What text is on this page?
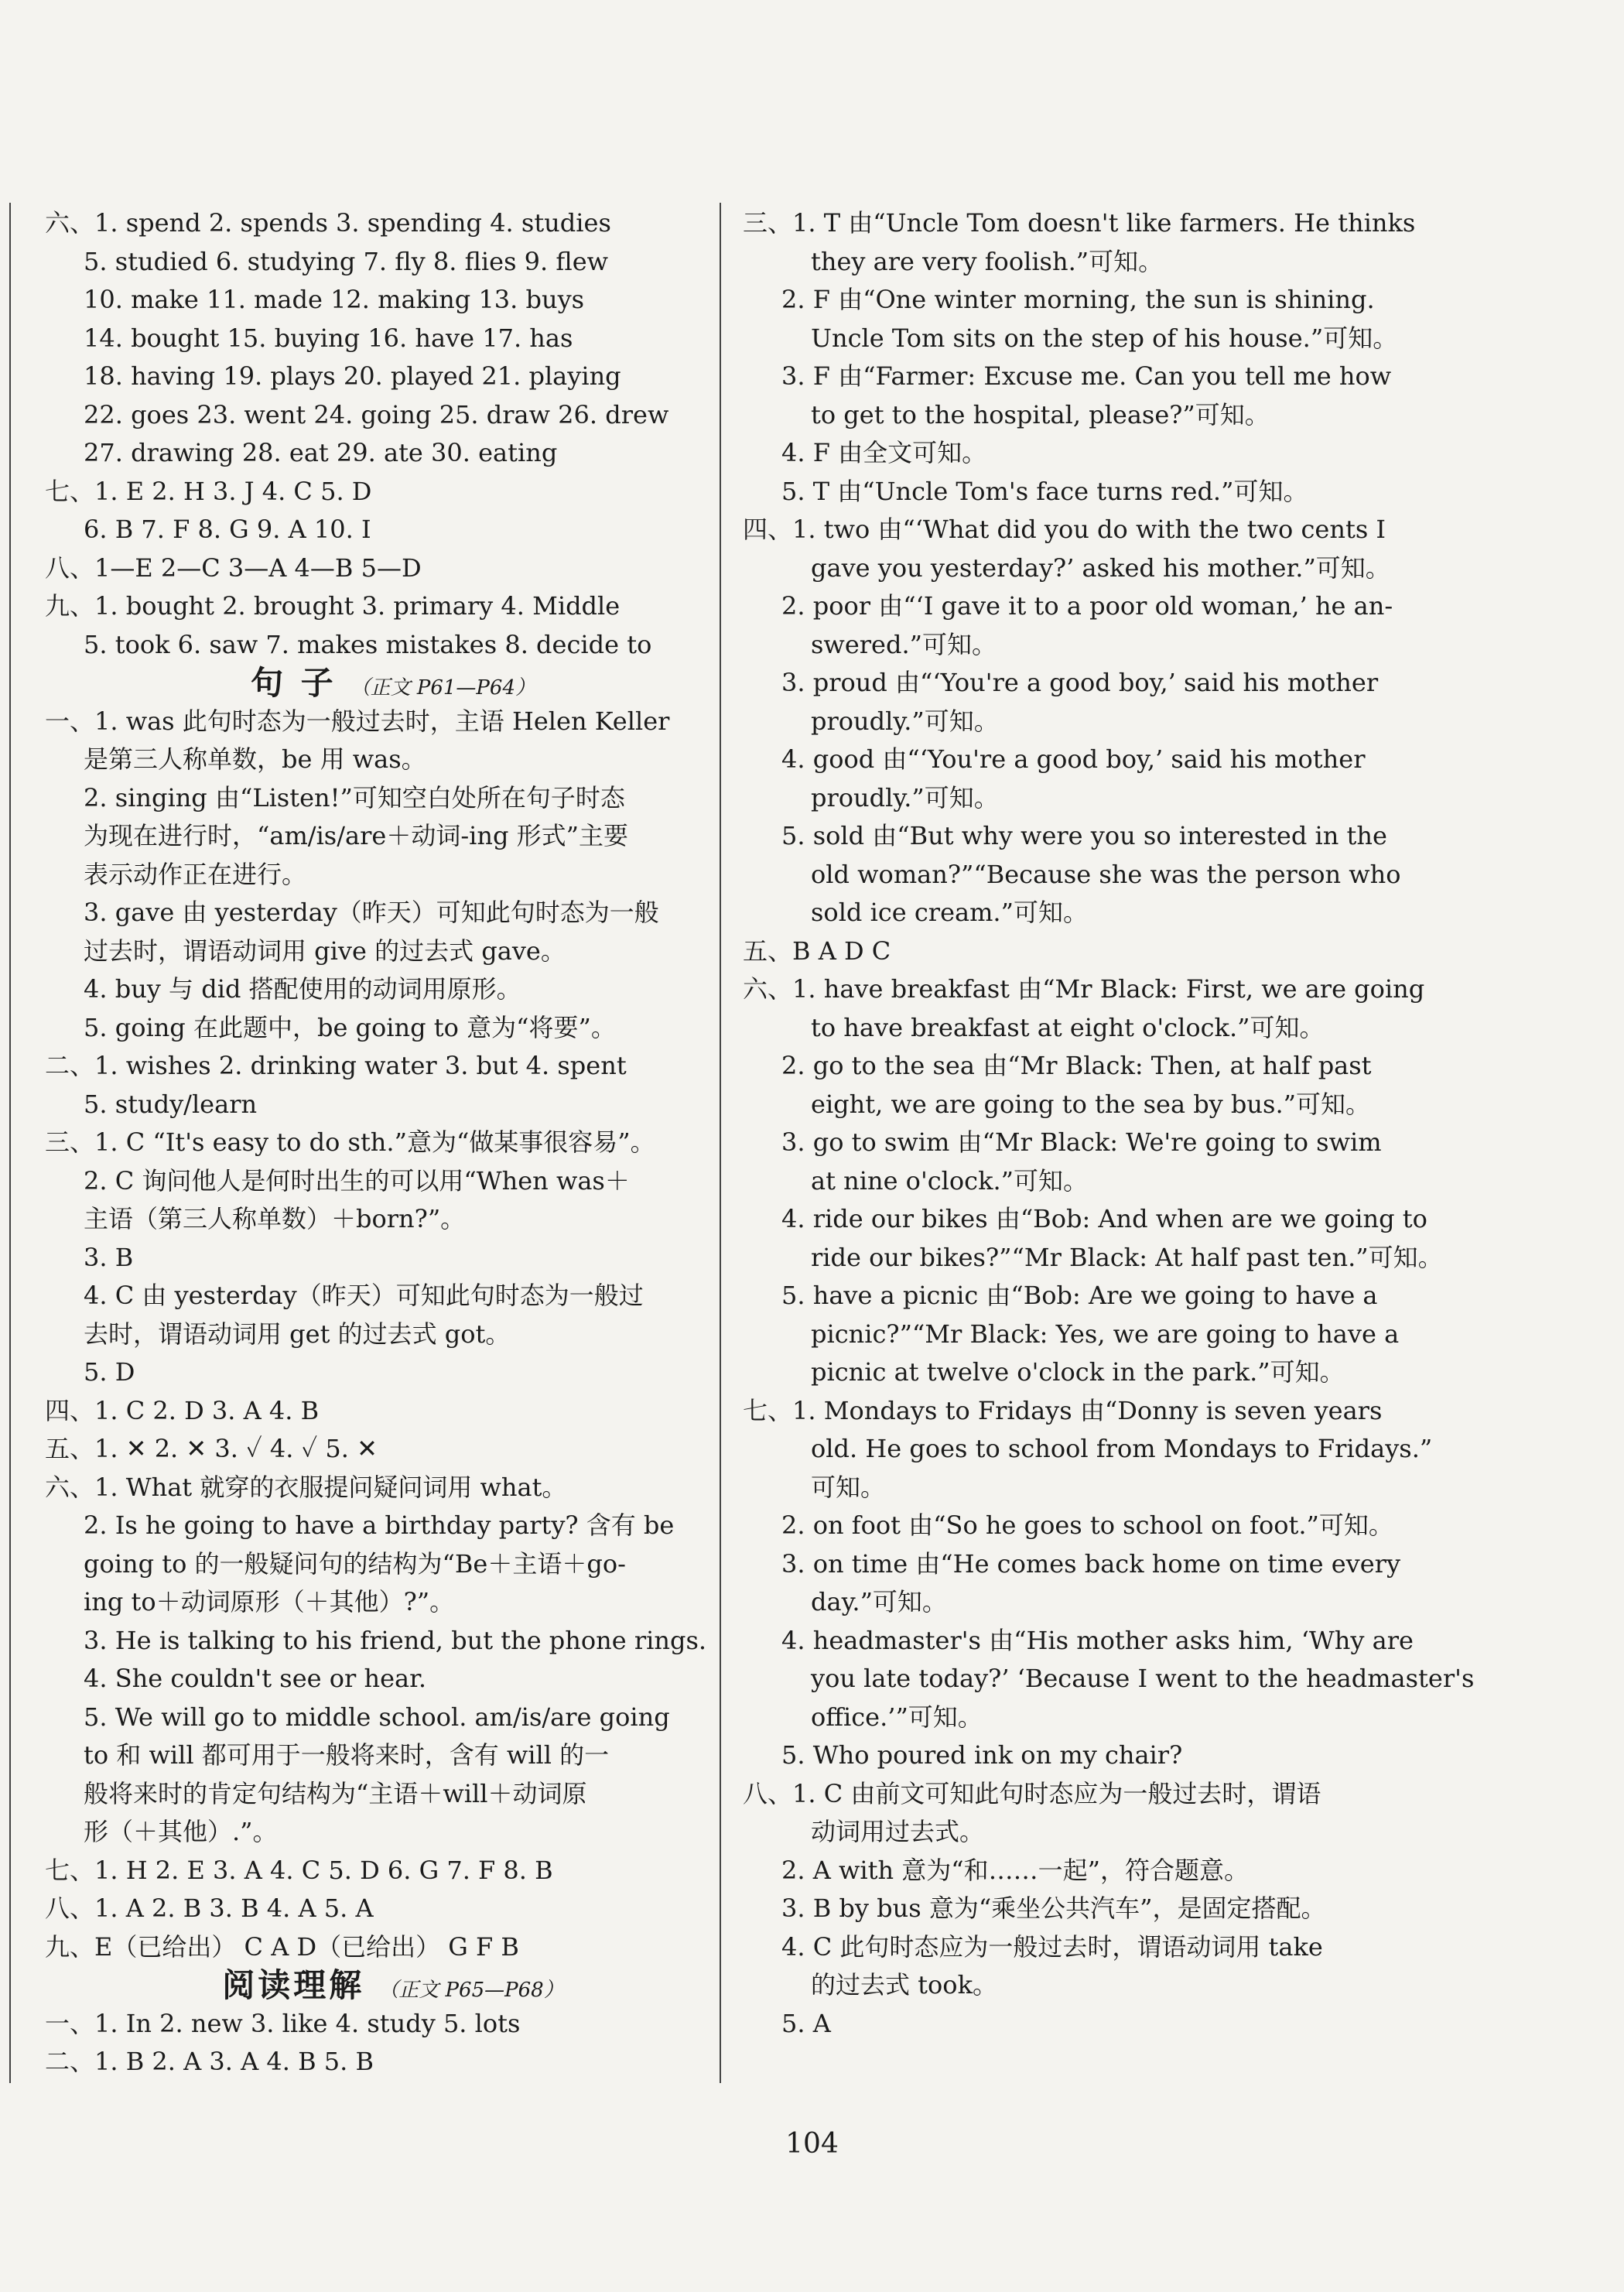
六、1. spend 2. spends 3. spending 4. studies
5. studied 6. studying 7. fly 8. flies 9. flew
10. make 11. made 12. making 13. buys
14. bought 15. buying 16. have 17. has
18. having 19. plays 20. played 21. playing
22. goes 23. went 24. going 25. draw 26. drew
27. drawing 28. eat 29. ate 30. eating
七、1. E 2. H 3. J 4. C 5. D
6. B 7. F 8. G 9. A 10. I
八、1—E 2—C 3—A 4—B 5—D
九、1. bought 2. brought 3. primary 4. Middle
5. took 6. saw 7. makes mistakes 8. decide to
句 子 （正文 P61—P64）
一、1. was 此句时态为一般过去时，主语 Helen Keller
是第三人称单数，be 用 was。
2. singing 由“Listen!”可知空白处所在句子时态
为现在进行时，“am/is/are＋动词-ing 形式”主要
表示动作正在进行。
3. gave 由 yesterday（昨天）可知此句时态为一般
过去时，谓语动词用 give 的过去式 gave。
4. buy 与 did 搭配使用的动词用原形。
5. going 在此题中，be going to 意为“将要”。
二、1. wishes 2. drinking water 3. but 4. spent
5. study/learn
三、1. C “It's easy to do sth.”意为“做某事很容易”。
2. C 询问他人是何时出生的可以用“When was＋
主语（第三人称单数）＋born?”。
3. B
4. C 由 yesterday（昨天）可知此句时态为一般过
去时，谓语动词用 get 的过去式 got。
5. D
四、1. C 2. D 3. A 4. B
五、1. ✕ 2. ✕ 3. ✓ 4. ✓ 5. ✕
六、1. What 就穿的衣服提问疑问词用 what。
2. Is he going to have a birthday party? 含有 be
going to 的一般疑问句的结构为“Be＋主语＋go-
ing to＋动词原形（＋其他）?”。
3. He is talking to his friend, but the phone rings.
4. She couldn't see or hear.
5. We will go to middle school. am/is/are going
to 和 will 都可用于一般将来时，含有 will 的一
般将来时的肯定句结构为“主语＋will＋动词原
形（＋其他）.”。
七、1. H 2. E 3. A 4. C 5. D 6. G 7. F 8. B
八、1. A 2. B 3. B 4. A 5. A
九、E（已给出） C A D（已给出） G F B
阅读理解 （正文 P65—P68）
一、1. In 2. new 3. like 4. study 5. lots
二、1. B 2. A 3. A 4. B 5. B
三、1. T 由“Uncle Tom doesn't like farmers. He thinks
they are very foolish.”可知。
2. F 由“One winter morning, the sun is shining.
Uncle Tom sits on the step of his house.”可知。
3. F 由“Farmer: Excuse me. Can you tell me how
to get to the hospital, please?”可知。
4. F 由全文可知。
5. T 由“Uncle Tom's face turns red.”可知。
四、1. two 由“‘What did you do with the two cents I
gave you yesterday?’ asked his mother.”可知。
2. poor 由“‘I gave it to a poor old woman,’ he an-
swered.”可知。
3. proud 由“‘You're a good boy,’ said his mother
proudly.”可知。
4. good 由“‘You're a good boy,’ said his mother
proudly.”可知。
5. sold 由“But why were you so interested in the
old woman?”“Because she was the person who
sold ice cream.”可知。
五、B A D C
六、1. have breakfast 由“Mr Black: First, we are going
to have breakfast at eight o'clock.”可知。
2. go to the sea 由“Mr Black: Then, at half past
eight, we are going to the sea by bus.”可知。
3. go to swim 由“Mr Black: We're going to swim
at nine o'clock.”可知。
4. ride our bikes 由“Bob: And when are we going to
ride our bikes?”“Mr Black: At half past ten.”可知。
5. have a picnic 由“Bob: Are we going to have a
picnic?”“Mr Black: Yes, we are going to have a
picnic at twelve o'clock in the park.”可知。
七、1. Mondays to Fridays 由“Donny is seven years
old. He goes to school from Mondays to Fridays.”
可知。
2. on foot 由“So he goes to school on foot.”可知。
3. on time 由“He comes back home on time every
day.”可知。
4. headmaster's 由“His mother asks him, ‘Why are
you late today?’ ‘Because I went to the headmaster's
office.’”可知。
5. Who poured ink on my chair?
八、1. C 由前文可知此句时态应为一般过去时，谓语
动词用过去式。
2. A with 意为“和……一起”，符合题意。
3. B by bus 意为“乘坐公共汽车”，是固定搭配。
4. C 此句时态应为一般过去时，谓语动词用 take
的过去式 took。
5. A
104
